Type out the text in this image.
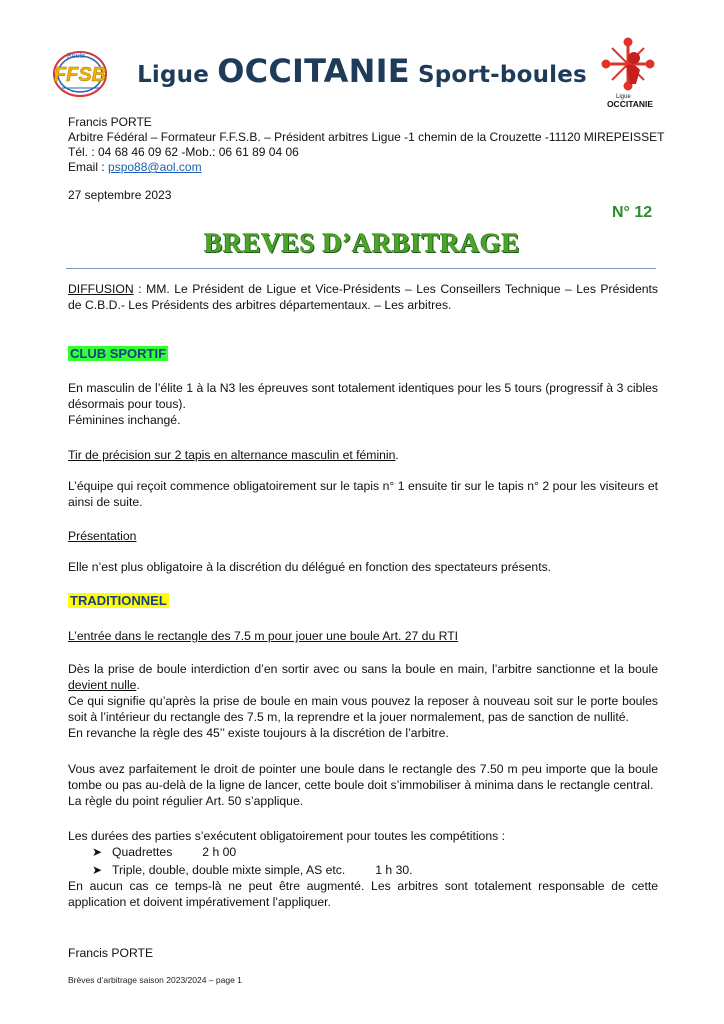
Boule
FFSB	Ligue OCCITANIE Sport-boules
Ligue
OCCITANIE
Francis PORTE
Arbitre Fédéral – Formateur F.F.S.B. – Président arbitres Ligue -1 chemin de la Crouzette -11120 MIREPEISSET
Tél. : 04 68 46 09 62 -Mob.: 06 61 89 04 06
Email : pspo88@aol.com
27 septembre 2023
N° 12
BREVES D’ARBITRAGE
DIFFUSION : MM. Le Président de Ligue et Vice-Présidents – Les Conseillers Technique – Les Présidents de C.B.D.- Les Présidents des arbitres départementaux. – Les arbitres.
CLUB SPORTIF
En masculin de l’élite 1 à la N3 les épreuves sont totalement identiques pour les 5 tours (progressif à 3 cibles désormais pour tous).
Féminines inchangé.
Tir de précision sur 2 tapis en alternance masculin et féminin.
L’équipe qui reçoit commence obligatoirement sur le tapis n° 1 ensuite tir sur le tapis n° 2 pour les visiteurs et ainsi de suite.
Présentation
Elle n’est plus obligatoire à la discrétion du délégué en fonction des spectateurs présents.
TRADITIONNEL
L’entrée dans le rectangle des 7.5 m pour jouer une boule Art. 27 du RTI
Dès la prise de boule interdiction d’en sortir avec ou sans la boule en main, l’arbitre sanctionne et la boule devient nulle.
Ce qui signifie qu’après la prise de boule en main vous pouvez la reposer à nouveau soit sur le porte boules soit à l’intérieur du rectangle des 7.5 m, la reprendre et la jouer normalement, pas de sanction de nullité.
En revanche la règle des 45’’ existe toujours à la discrétion de l’arbitre.
Vous avez parfaitement le droit de pointer une boule dans le rectangle des 7.50 m peu importe que la boule tombe ou pas au-delà de la ligne de lancer, cette boule doit s’immobiliser à minima dans le rectangle central.
La règle du point régulier Art. 50 s’applique.
Les durées des parties s’exécutent obligatoirement pour toutes les compétitions :
➤ Quadrettes 2 h 00
➤ Triple, double, double mixte simple, AS etc. 1 h 30.
En aucun cas ce temps-là ne peut être augmenté. Les arbitres sont totalement responsable de cette application et doivent impérativement l’appliquer.
Francis PORTE
Brèves d’arbitrage saison 2023/2024 – page 1
